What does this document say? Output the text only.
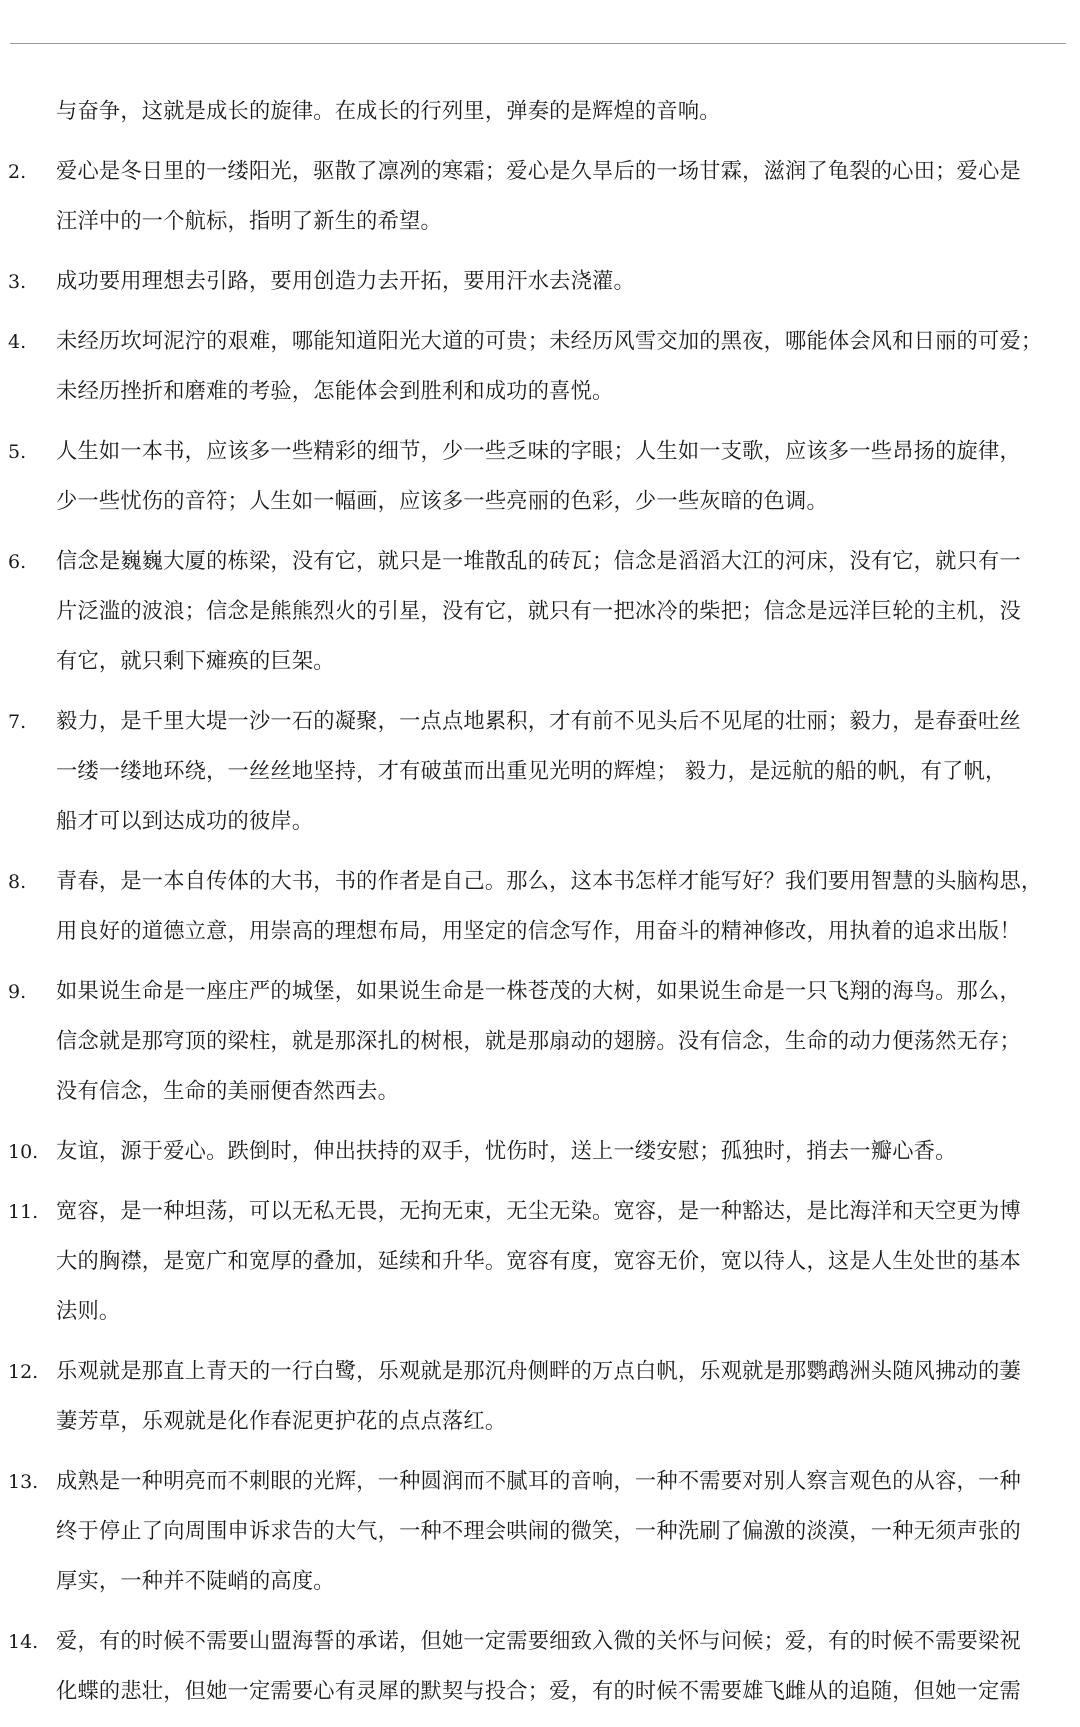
与奋争，这就是成长的旋律。在成长的行列里，弹奏的是辉煌的音响。
2.	爱心是冬日里的一缕阳光，驱散了凛冽的寒霜；爱心是久旱后的一场甘霖，滋润了龟裂的心田；爱心是
汪洋中的一个航标，指明了新生的希望。
3.	成功要用理想去引路，要用创造力去开拓，要用汗水去浇灌。
4.	未经历坎坷泥泞的艰难，哪能知道阳光大道的可贵；未经历风雪交加的黑夜，哪能体会风和日丽的可爱；
未经历挫折和磨难的考验，怎能体会到胜利和成功的喜悦。
5.	人生如一本书，应该多一些精彩的细节，少一些乏味的字眼；人生如一支歌，应该多一些昂扬的旋律，
少一些忧伤的音符；人生如一幅画，应该多一些亮丽的色彩，少一些灰暗的色调。
6.	信念是巍巍大厦的栋梁，没有它，就只是一堆散乱的砖瓦；信念是滔滔大江的河床，没有它，就只有一
片泛滥的波浪；信念是熊熊烈火的引星，没有它，就只有一把冰冷的柴把；信念是远洋巨轮的主机，没
有它，就只剩下瘫痪的巨架。
7.	毅力，是千里大堤一沙一石的凝聚，一点点地累积，才有前不见头后不见尾的壮丽；毅力，是春蚕吐丝
一缕一缕地环绕，一丝丝地坚持，才有破茧而出重见光明的辉煌； 毅力，是远航的船的帆，有了帆，
船才可以到达成功的彼岸。
8.	青春，是一本自传体的大书，书的作者是自己。那么，这本书怎样才能写好？我们要用智慧的头脑构思，
用良好的道德立意，用崇高的理想布局，用坚定的信念写作，用奋斗的精神修改，用执着的追求出版！
9.	如果说生命是一座庄严的城堡，如果说生命是一株苍茂的大树，如果说生命是一只飞翔的海鸟。那么，
信念就是那穹顶的梁柱，就是那深扎的树根，就是那扇动的翅膀。没有信念，生命的动力便荡然无存；
没有信念，生命的美丽便杳然西去。
10. 友谊，源于爱心。跌倒时，伸出扶持的双手，忧伤时，送上一缕安慰；孤独时，捎去一瓣心香。
11. 宽容，是一种坦荡，可以无私无畏，无拘无束，无尘无染。宽容，是一种豁达，是比海洋和天空更为博
大的胸襟，是宽广和宽厚的叠加，延续和升华。宽容有度，宽容无价，宽以待人，这是人生处世的基本
法则。
12. 乐观就是那直上青天的一行白鹭，乐观就是那沉舟侧畔的万点白帆，乐观就是那鹦鹉洲头随风拂动的萋
萋芳草，乐观就是化作春泥更护花的点点落红。
13. 成熟是一种明亮而不刺眼的光辉，一种圆润而不腻耳的音响，一种不需要对别人察言观色的从容，一种
终于停止了向周围申诉求告的大气，一种不理会哄闹的微笑，一种洗刷了偏激的淡漠，一种无须声张的
厚实，一种并不陡峭的高度。
14. 爱，有的时候不需要山盟海誓的承诺，但她一定需要细致入微的关怀与问候；爱，有的时候不需要梁祝
化蝶的悲壮，但她一定需要心有灵犀的默契与投合；爱，有的时候不需要雄飞雌从的追随，但她一定需
